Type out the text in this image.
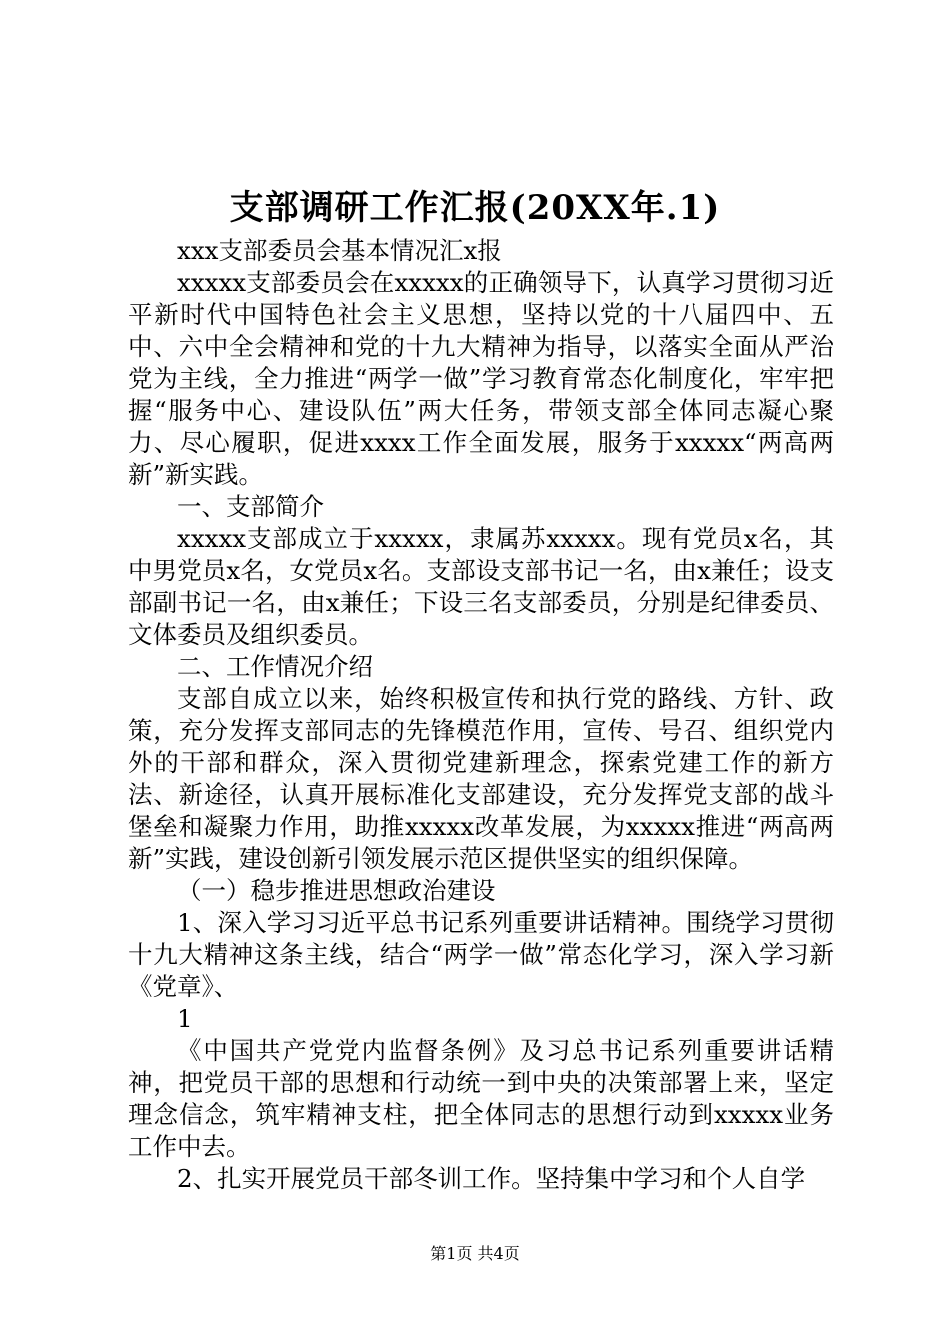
支部调研工作汇报(20XX年.1)

xxx支部委员会基本情况汇x报

xxxxx支部委员会在xxxxx的正确领导下，认真学习贯彻习近平新时代中国特色社会主义思想，坚持以党的十八届四中、五中、六中全会精神和党的十九大精神为指导，以落实全面从严治党为主线，全力推进“两学一做”学习教育常态化制度化，牢牢把握“服务中心、建设队伍”两大任务，带领支部全体同志凝心聚力、尽心履职，促进xxxx工作全面发展，服务于xxxxx“两高两新”新实践。

一、支部简介

xxxxx支部成立于xxxxx，隶属苏xxxxx。现有党员x名，其中男党员x名，女党员x名。支部设支部书记一名，由x兼任；设支部副书记一名，由x兼任；下设三名支部委员，分别是纪律委员、文体委员及组织委员。

二、工作情况介绍

支部自成立以来，始终积极宣传和执行党的路线、方针、政策，充分发挥支部同志的先锋模范作用，宣传、号召、组织党内外的干部和群众，深入贯彻党建新理念，探索党建工作的新方法、新途径，认真开展标准化支部建设，充分发挥党支部的战斗堡垒和凝聚力作用，助推xxxxx改革发展，为xxxxx推进“两高两新”实践，建设创新引领发展示范区提供坚实的组织保障。

（一）稳步推进思想政治建设

1、深入学习习近平总书记系列重要讲话精神。围绕学习贯彻十九大精神这条主线，结合“两学一做”常态化学习，深入学习新《党章》、

1

《中国共产党党内监督条例》及习总书记系列重要讲话精神，把党员干部的思想和行动统一到中央的决策部署上来，坚定理念信念，筑牢精神支柱，把全体同志的思想行动到xxxxx业务工作中去。

2、扎实开展党员干部冬训工作。坚持集中学习和个人自学

第1页 共4页
